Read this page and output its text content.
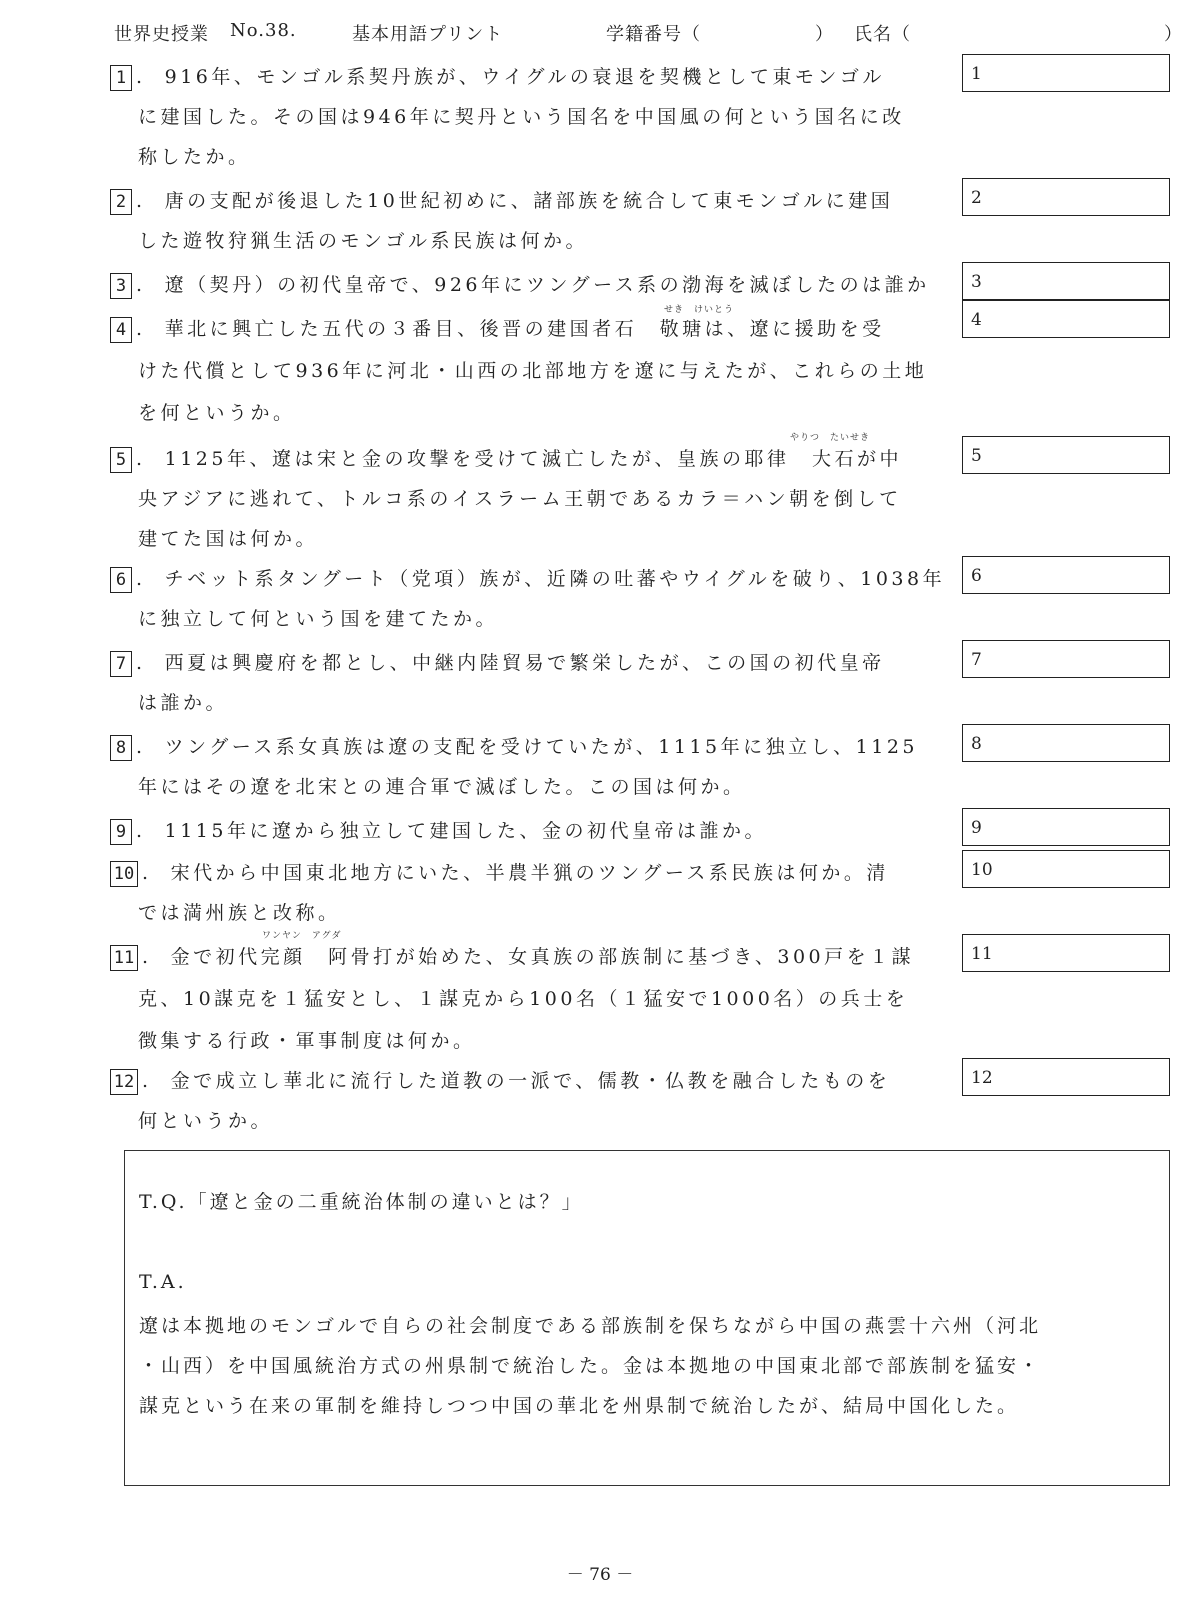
世界史授業 No.38.	基本用語プリント	学籍番号（　　　　　　） 氏名（	）
1 .  916年、モンゴル系契丹族が、ウイグルの衰退を契機として東モンゴル
に建国した。その国は946年に契丹という国名を中国風の何という国名に改
称したか。
1
2 .  唐の支配が後退した10世紀初めに、諸部族を統合して東モンゴルに建国
した遊牧狩猟生活のモンゴル系民族は何か。
2
3 .  遼（契丹）の初代皇帝で、926年にツングース系の渤海を滅ぼしたのは誰か	3
せき　けいとう
4 .  華北に興亡した五代の３番目、後晋の建国者石　敬瑭は、遼に援助を受
けた代償として936年に河北・山西の北部地方を遼に与えたが、これらの土地
を何というか。
4
やりつ　たいせき
5 .  1125年、遼は宋と金の攻撃を受けて滅亡したが、皇族の耶律　大石が中
央アジアに逃れて、トルコ系のイスラーム王朝であるカラ＝ハン朝を倒して
建てた国は何か。
5
6 .  チベット系タングート（党項）族が、近隣の吐蕃やウイグルを破り、1038年
に独立して何という国を建てたか。
6
7 .  西夏は興慶府を都とし、中継内陸貿易で繁栄したが、この国の初代皇帝
は誰か。
7
8 .  ツングース系女真族は遼の支配を受けていたが、1115年に独立し、1125
年にはその遼を北宋との連合軍で滅ぼした。この国は何か。
8
9 .  1115年に遼から独立して建国した、金の初代皇帝は誰か。	9
10 .  宋代から中国東北地方にいた、半農半猟のツングース系民族は何か。清
では満州族と改称。
10
ワンヤン　アグダ
11 .  金で初代完顔　阿骨打が始めた、女真族の部族制に基づき、300戸を１謀
克、10謀克を１猛安とし、１謀克から100名（１猛安で1000名）の兵士を
徴集する行政・軍事制度は何か。
11
12 .  金で成立し華北に流行した道教の一派で、儒教・仏教を融合したものを
何というか。
12
T.Q.「遼と金の二重統治体制の違いとは？」
T.A.
遼は本拠地のモンゴルで自らの社会制度である部族制を保ちながら中国の燕雲十六州（河北
・山西）を中国風統治方式の州県制で統治した。金は本拠地の中国東北部で部族制を猛安・
謀克という在来の軍制を維持しつつ中国の華北を州県制で統治したが、結局中国化した。
－ 76 －
